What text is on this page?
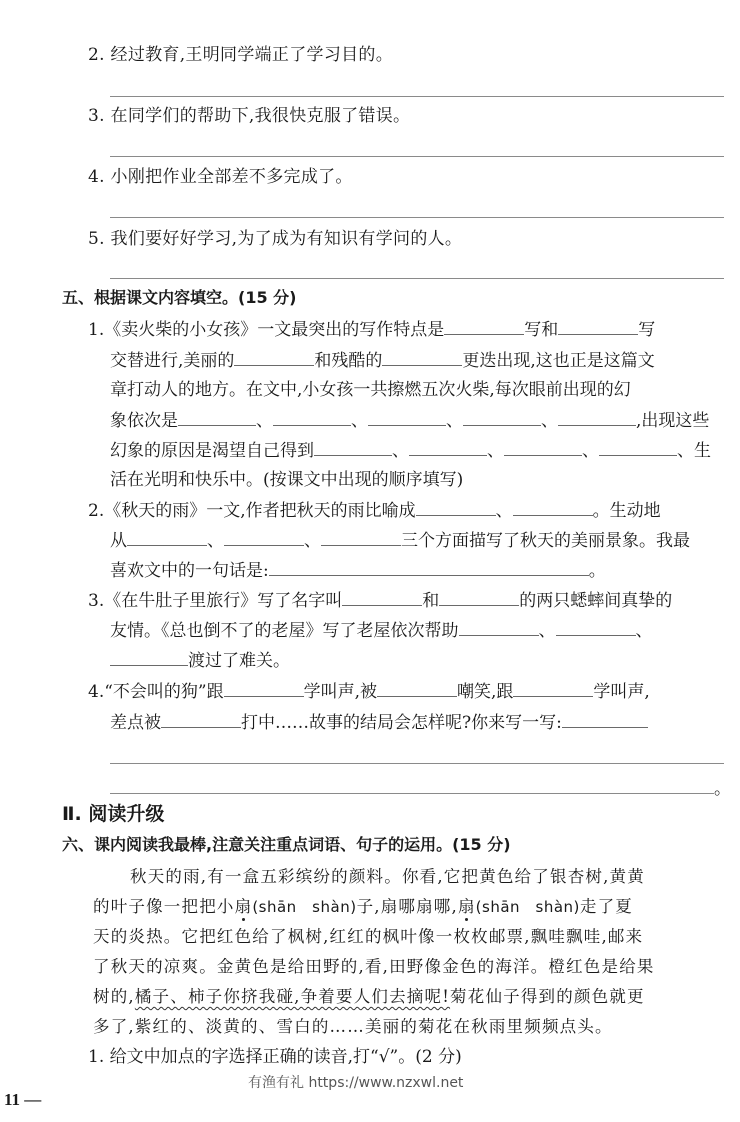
2. 经过教育,王明同学端正了学习目的。
3. 在同学们的帮助下,我很快克服了错误。
4. 小刚把作业全部差不多完成了。
5. 我们要好好学习,为了成为有知识有学问的人。
五、根据课文内容填空。(15 分)
1.《卖火柴的小女孩》一文最突出的写作特点是	写和	写
交替进行,美丽的	和残酷的	更迭出现,这也正是这篇文
章打动人的地方。在文中,小女孩一共擦燃五次火柴,每次眼前出现的幻
象依次是	、	、	、	、	,出现这些
幻象的原因是渴望自己得到	、	、	、	、生
活在光明和快乐中。(按课文中出现的顺序填写)
2.《秋天的雨》一文,作者把秋天的雨比喻成	、	。生动地
从	、	、	三个方面描写了秋天的美丽景象。我最
喜欢文中的一句话是:	。
3.《在牛肚子里旅行》写了名字叫	和	的两只蟋蟀间真挚的
友情。《总也倒不了的老屋》写了老屋依次帮助	、	、
渡过了难关。
4.“不会叫的狗”跟	学叫声,被	嘲笑,跟	学叫声,
差点被	打中……故事的结局会怎样呢?你来写一写:
。
Ⅱ. 阅读升级
六、课内阅读我最棒,注意关注重点词语、句子的运用。(15 分)
秋天的雨,有一盒五彩缤纷的颜料。你看,它把黄色给了银杏树,黄黄
的叶子像一把把小扇(shān　shàn)子,扇哪扇哪,扇(shān　shàn)走了夏
天的炎热。它把红色给了枫树,红红的枫叶像一枚枚邮票,飘哇飘哇,邮来
了秋天的凉爽。金黄色是给田野的,看,田野像金色的海洋。橙红色是给果
树的,橘子、柿子你挤我碰,争着要人们去摘呢!菊花仙子得到的颜色就更
多了,紫红的、淡黄的、雪白的……美丽的菊花在秋雨里频频点头。
1. 给文中加点的字选择正确的读音,打“√”。(2 分)
有渔有礼 https://www.nzxwl.net
11 —
